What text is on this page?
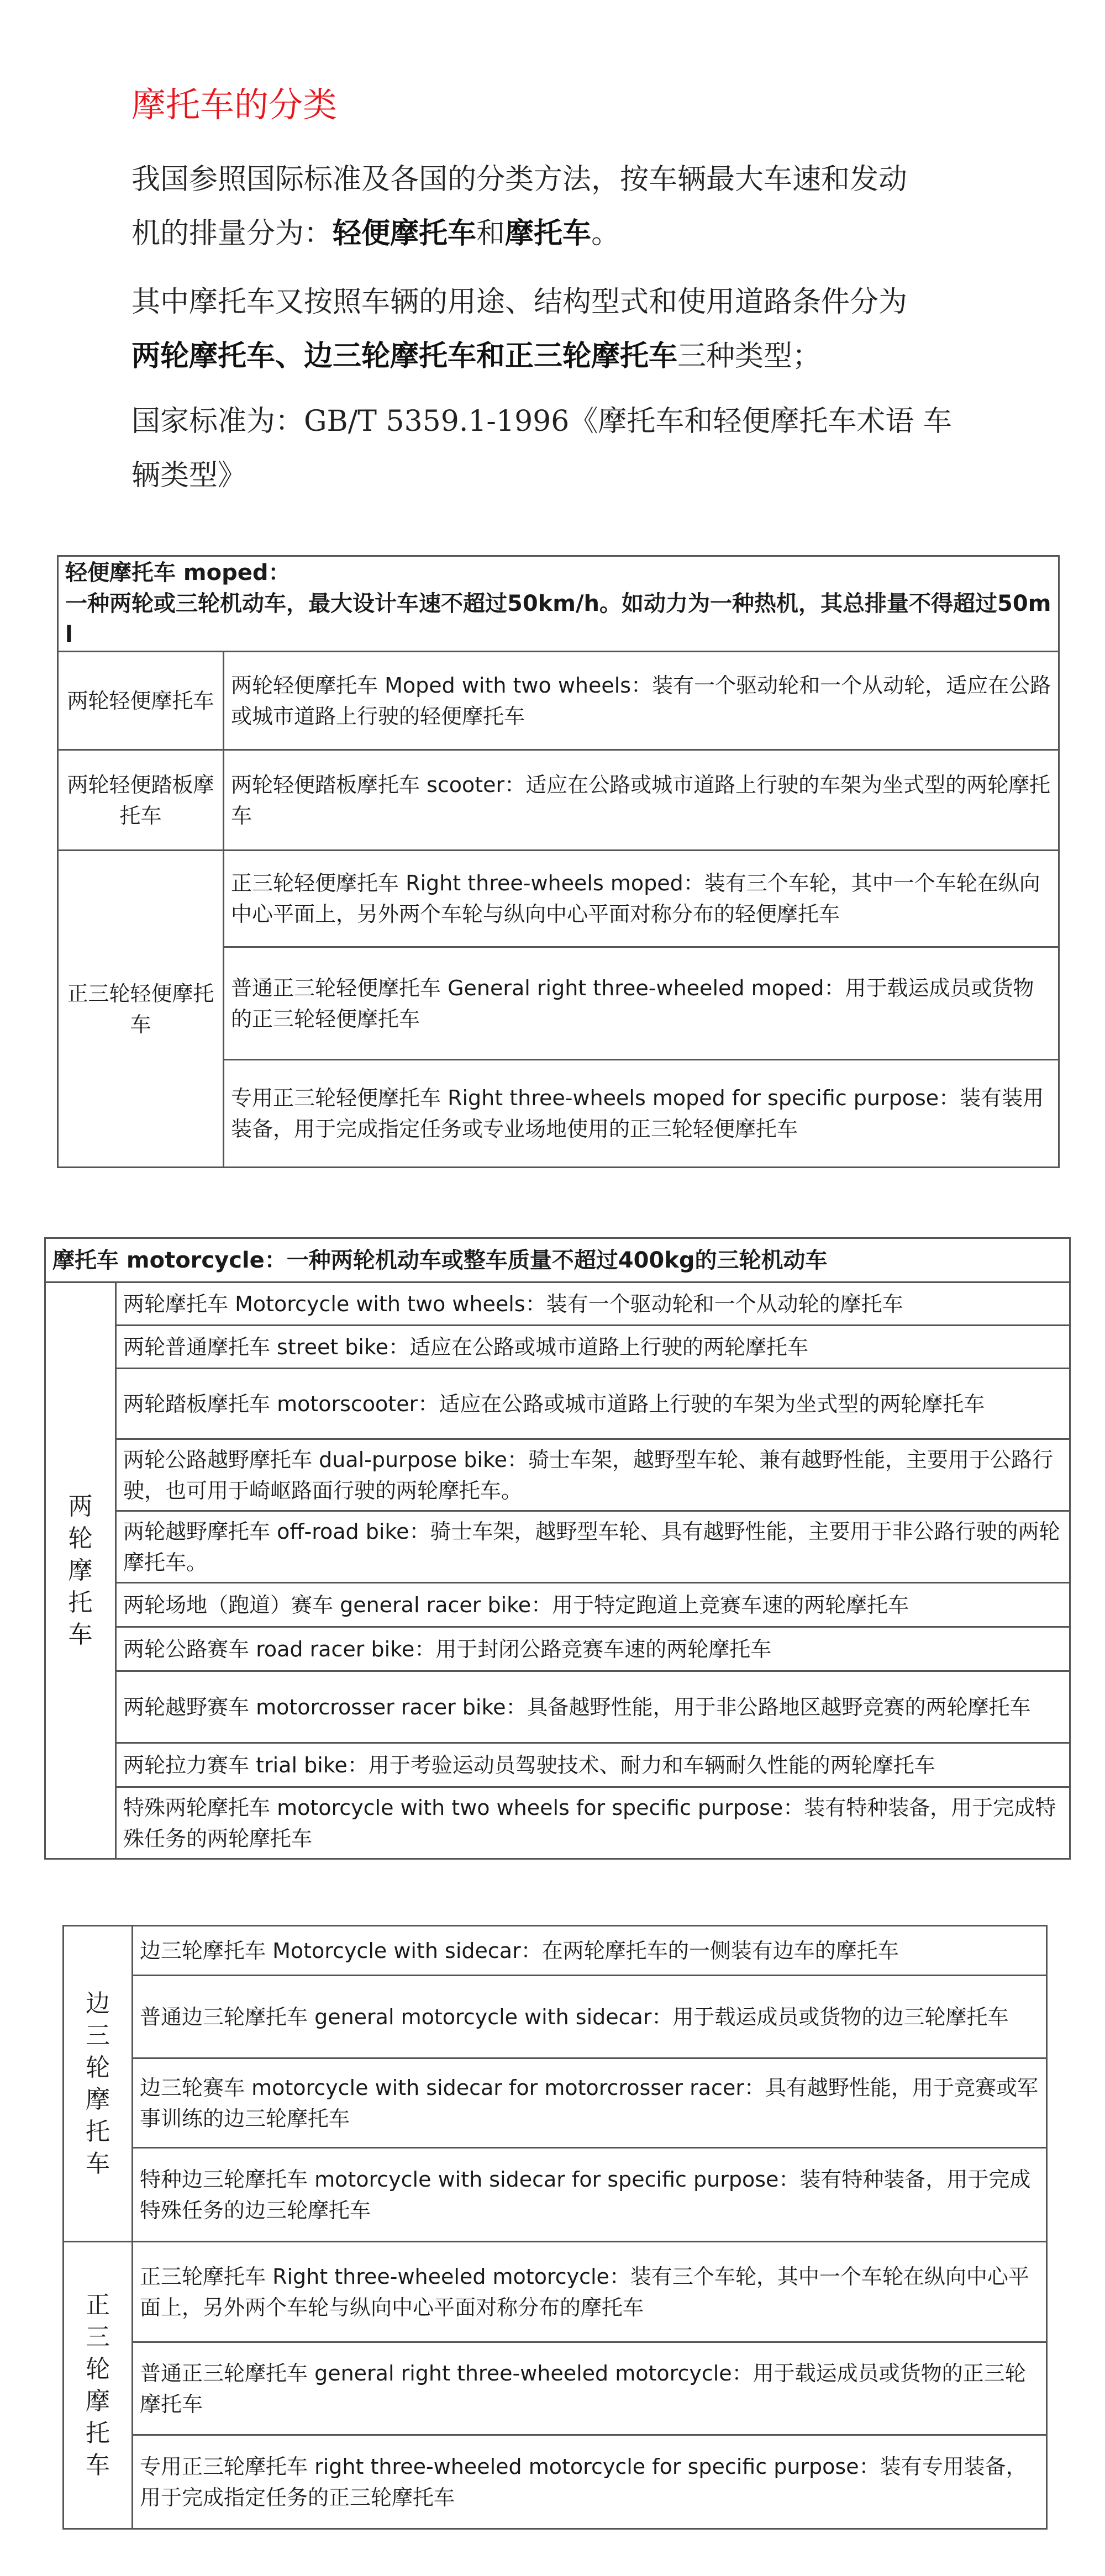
摩托车的分类
我国参照国际标准及各国的分类方法，按车辆最大车速和发动
机的排量分为：轻便摩托车和摩托车。
其中摩托车又按照车辆的用途、结构型式和使用道路条件分为
两轮摩托车、边三轮摩托车和正三轮摩托车三种类型；
国家标准为：GB/T 5359.1-1996《摩托车和轻便摩托车术语 车
辆类型》
轻便摩托车 moped：
一种两轮或三轮机动车，最大设计车速不超过50km/h。如动力为一种热机，其总排量不得超过50ml	

两轮轻便摩托车	两轮轻便摩托车 Moped with two wheels：装有一个驱动轮和一个从动轮，适应在公路或城市道路上行驶的轻便摩托车

两轮轻便踏板摩托车	两轮轻便踏板摩托车 scooter：适应在公路或城市道路上行驶的车架为坐式型的两轮摩托车

正三轮轻便摩托车	正三轮轻便摩托车 Right three-wheels moped：装有三个车轮，其中一个车轮在纵向中心平面上，另外两个车轮与纵向中心平面对称分布的轻便摩托车

	普通正三轮轻便摩托车 General right three-wheeled moped：用于载运成员或货物的正三轮轻便摩托车

	专用正三轮轻便摩托车 Right three-wheels moped for specific purpose：装有装用装备，用于完成指定任务或专业场地使用的正三轮轻便摩托车
摩托车 motorcycle：一种两轮机动车或整车质量不超过400kg的三轮机动车
两轮摩托车	
两轮摩托车 Motorcycle with two wheels：装有一个驱动轮和一个从动轮的摩托车

两轮普通摩托车 street bike：适应在公路或城市道路上行驶的两轮摩托车

两轮踏板摩托车 motorscooter：适应在公路或城市道路上行驶的车架为坐式型的两轮摩托车

两轮公路越野摩托车 dual-purpose bike：骑士车架，越野型车轮、兼有越野性能，主要用于公路行驶，也可用于崎岖路面行驶的两轮摩托车。

两轮越野摩托车 off-road bike：骑士车架，越野型车轮、具有越野性能，主要用于非公路行驶的两轮摩托车。

两轮场地（跑道）赛车 general racer bike：用于特定跑道上竞赛车速的两轮摩托车

两轮公路赛车 road racer bike：用于封闭公路竞赛车速的两轮摩托车

两轮越野赛车 motorcrosser racer bike：具备越野性能，用于非公路地区越野竞赛的两轮摩托车

两轮拉力赛车 trial bike：用于考验运动员驾驶技术、耐力和车辆耐久性能的两轮摩托车

特殊两轮摩托车 motorcycle with two wheels for specific purpose：装有特种装备，用于完成特殊任务的两轮摩托车
边三轮摩托车	边三轮摩托车 Motorcycle with sidecar：在两轮摩托车的一侧装有边车的摩托车

	普通边三轮摩托车 general motorcycle with sidecar：用于载运成员或货物的边三轮摩托车

	边三轮赛车 motorcycle with sidecar for motorcrosser racer：具有越野性能，用于竞赛或军事训练的边三轮摩托车

	特种边三轮摩托车 motorcycle with sidecar for specific purpose：装有特种装备，用于完成特殊任务的边三轮摩托车

正三轮摩托车	正三轮摩托车 Right three-wheeled motorcycle：装有三个车轮，其中一个车轮在纵向中心平面上，另外两个车轮与纵向中心平面对称分布的摩托车

	普通正三轮摩托车 general right three-wheeled motorcycle：用于载运成员或货物的正三轮摩托车

	专用正三轮摩托车 right three-wheeled motorcycle for specific purpose：装有专用装备，用于完成指定任务的正三轮摩托车
